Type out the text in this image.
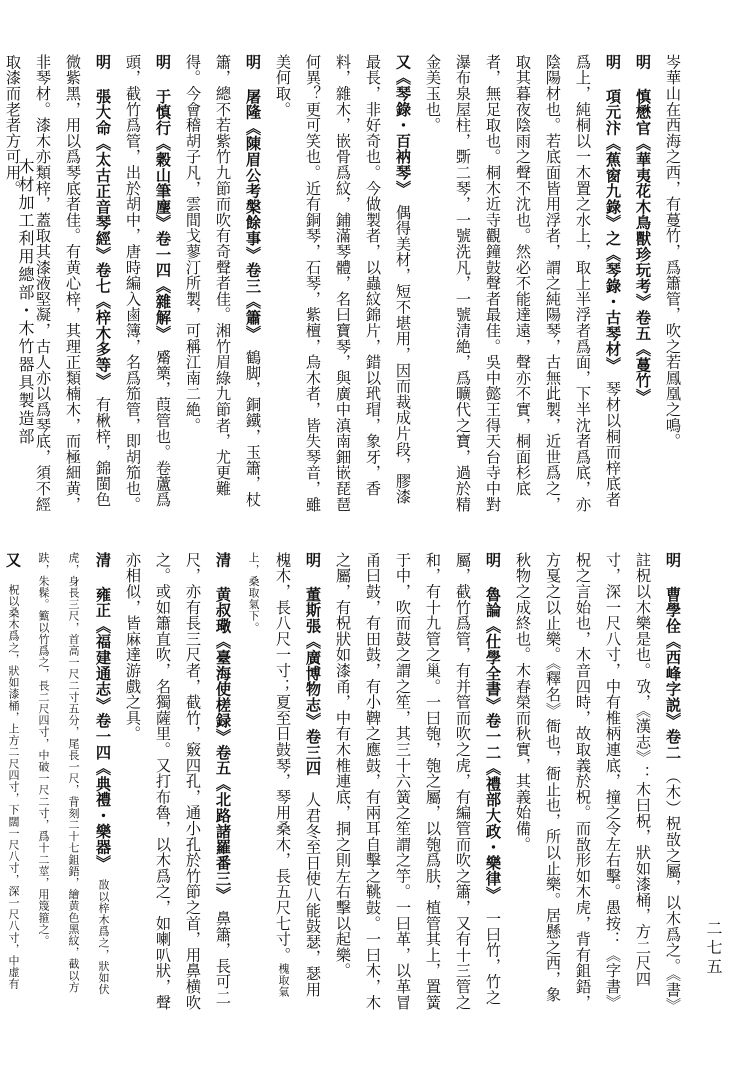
木材加工利用總部・木竹器具製造部
二七五

岑華山在西海之西，有蔓竹，爲簫管，吹之若鳳凰之鳴。

明 慎懋官《華夷花木鳥獸珍玩考》卷五《蔓竹》

明 項元汴《蕉窗九錄》之《琴錄・古琴材》　琴材以桐而梓底者爲上，純桐以一木置之水上，取上半浮者爲面，下半沈者爲底，亦陰陽材也。若底面皆用浮者，謂之純陽琴，古無此製，近世爲之，取其暮夜陰雨之聲不沈也。然必不能達遠，聲亦不實，桐面杉底者，無足取也。桐木近寺觀鐘鼓聲者最佳。吳中懿王得天台寺中對瀑布泉屋柱，斲二琴，一號洗凡，一號清絶，爲曠代之寶，過於精金美玉也。

又《琴錄・百衲琴》　偶得美材，短不堪用，因而裁成片段，膠漆最長，非好奇也。今做製者，以蟲紋錦片，錯以玳瑁，象牙，香料，雜木，嵌骨爲紋，鋪滿琴體，名曰寶琴，與廣中滇南鈿嵌琵琶何異？更可笑也。近有銅琴，石琴，紫檀，烏木者，皆失琴音，雖美何取。

明 屠隆《陳眉公考槃餘事》卷三《簫》　鶴脚，銅鐵，玉簫，杖簫，總不若紫竹九節而吹有奇聲者佳。湘竹眉綠九節者，尤更難得。今會稽胡子凡，雲間戈蓼汀所製，可稱江南二絶。

明 于慎行《穀山筆麈》卷一四《雜解》　觱篥，葭管也。卷蘆爲頭，截竹爲管，出於胡中，唐時編入鹵簿，名爲笳管，即胡笳也。

明 張大命《太古正音琴經》卷七《梓木多等》　有楸梓，錦閩色微紫黑，用以爲琴底者佳。有黄心梓，其理正類楠木，而極細黄，非琴材。漆木亦類梓，蓋取其漆液堅凝，古人亦以爲琴底，須不經取漆而老者方可用。

明 曹學佺《西峰字説》卷二　（木）柷敔之屬，以木爲之。《書》註柷以木樂是也。攷，《漢志》：木曰柷，狀如漆桶，方二尺四寸，深一尺八寸，中有椎柄連底，撞之令左右擊。愚按：《字書》柷之言始也，木音四時，故取義於柷。而敔形如木虎，背有鉏鋙，方戛之以止樂。《釋名》衙也，衙止也，所以止樂。居懸之西，象秋物之成終也。木春榮而秋實，其義始備。

明 魯論《仕學全書》卷一二《禮部大政・樂律》　一曰竹，竹之屬，截竹爲管，有并管而吹之虎，有編管而吹之簫，又有十三管之和，有十九管之巢。一曰匏，匏之屬，以匏爲肤，植管其上，置簧于中，吹而鼓之謂之笙，其三十六簧之笙謂之竽。一曰革，以革冒甬曰鼓，有田鼓，有小鞞之應鼓，有兩耳自擊之鞉鼓。一曰木，木之屬，有柷狀如漆甬，中有木椎連底，挏之則左右擊以起樂。

明 董斯張《廣博物志》卷三四　人君冬至日使八能鼓瑟，瑟用槐木，長八尺一寸；夏至日鼓琴，琴用桑木，長五尺七寸。槐取氣上，桑取氣下。

清 黄叔璥《臺海使槎録》卷五《北路諸羅番三》　鼻簫，長可二尺，亦有長三尺者，截竹，竅四孔，通小孔於竹節之首，用鼻横吹之。或如簫直吹，名獨薩里。又打布魯，以木爲之，如喇叭狀，聲亦相似，皆麻達游戲之具。

清 雍正《福建通志》卷一四《典禮・樂器》　敔以梓木爲之，狀如伏虎，身長三尺，首高一尺二寸五分，尾長一尺，背刻二十七鉏鋙，繪黄色黑紋，截以方趺，朱髹。籈以竹爲之，長二尺四寸，中破一尺二寸，爲十二莖，用篾箍之。

又　柷以桑木爲之，狀如漆桶，上方二尺四寸，下闊一尺八寸，深一尺八寸，中虚有
